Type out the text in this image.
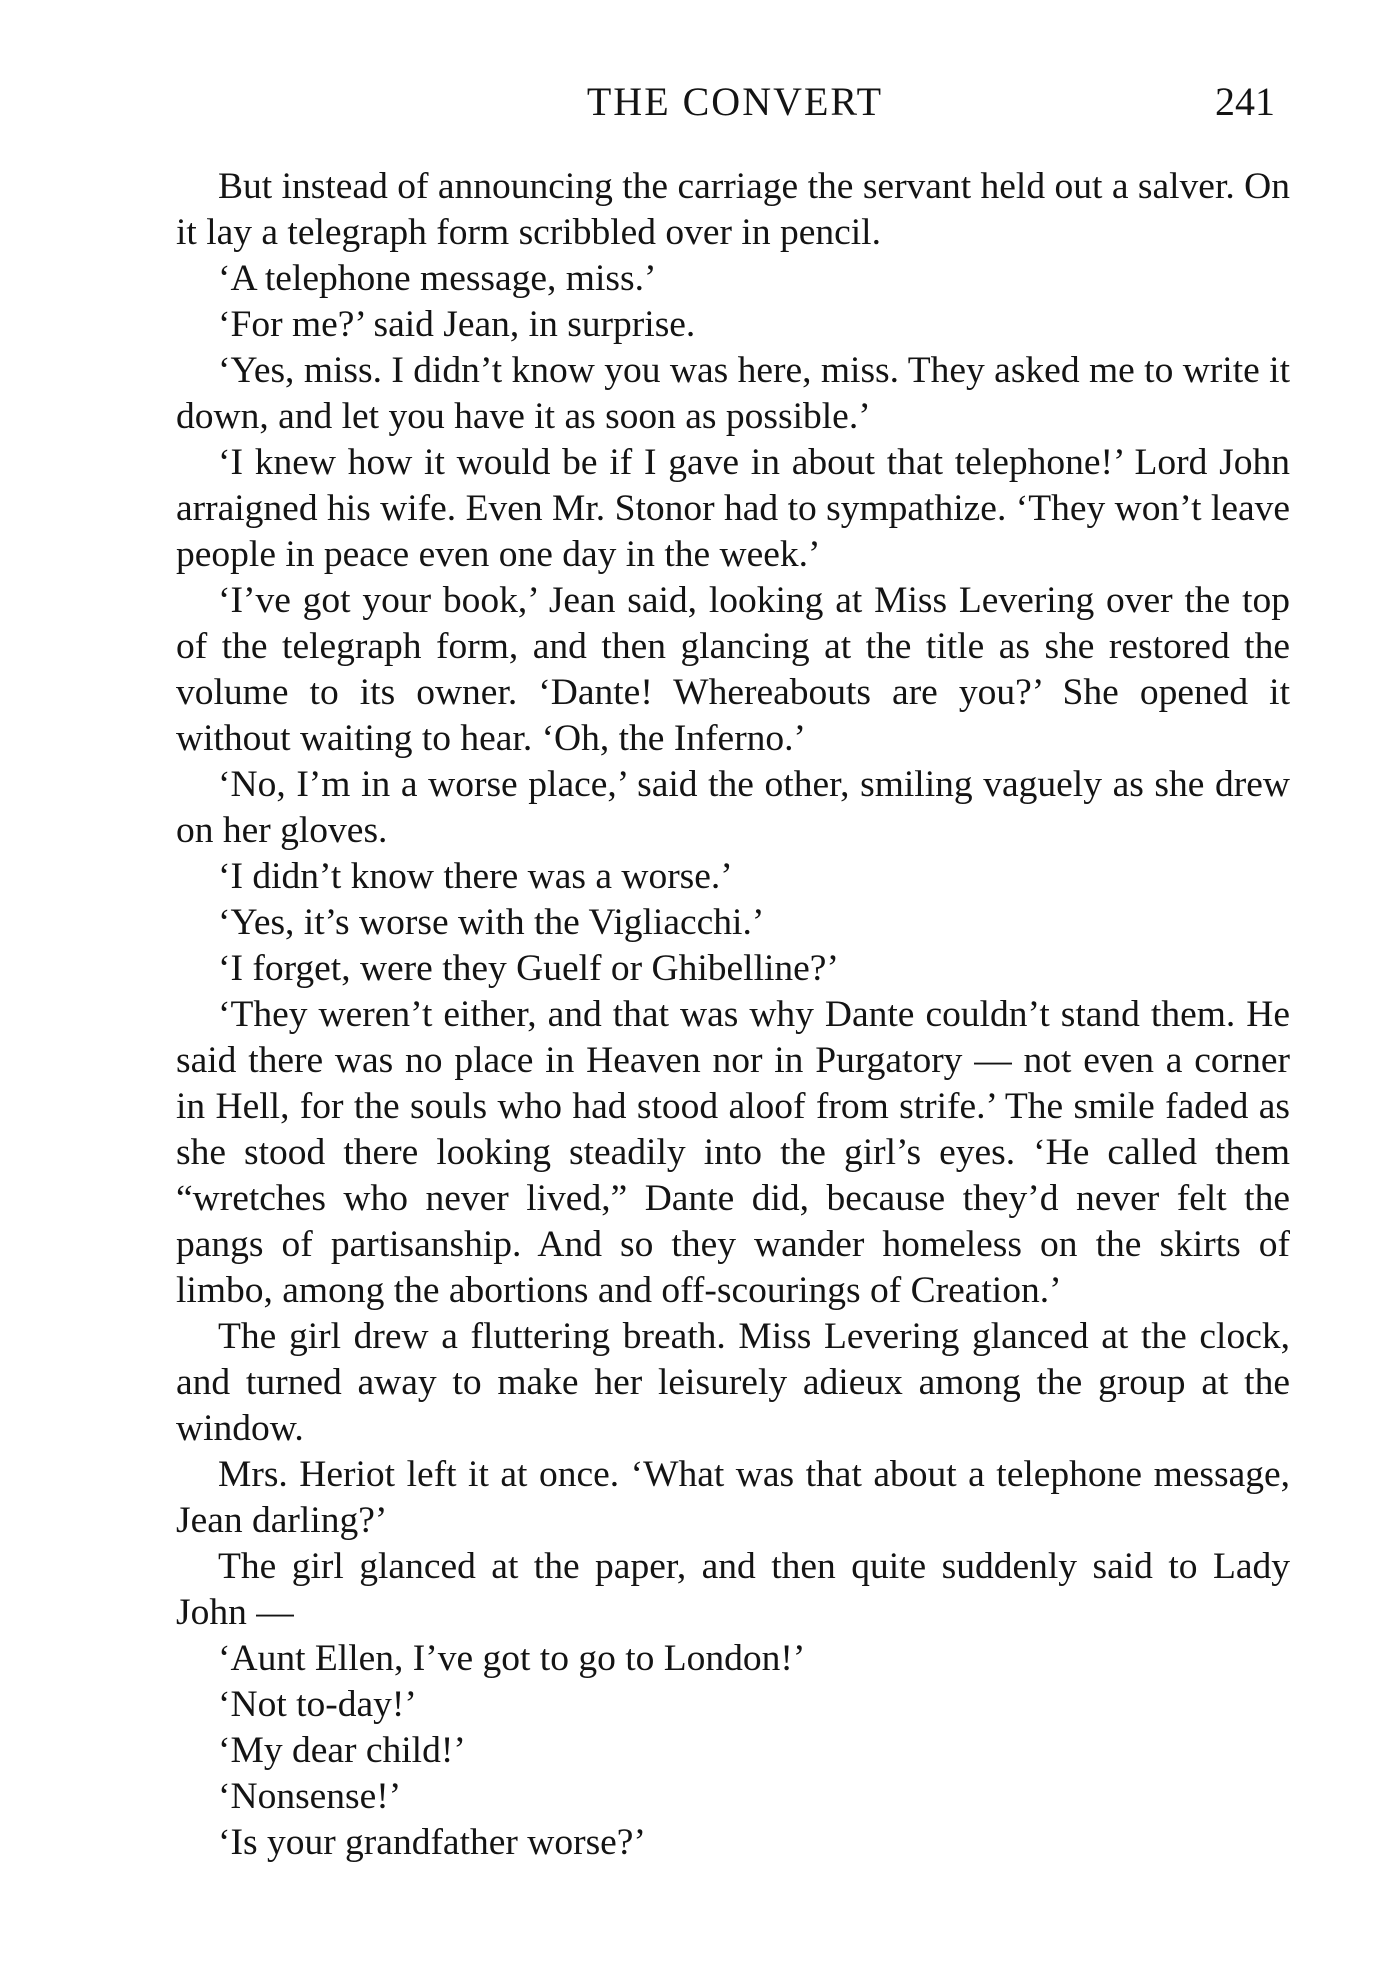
THE CONVERT	241

But instead of announcing the carriage the servant held out a salver. On it lay a telegraph form scribbled over in pencil.

‘A telephone message, miss.’

‘For me?’ said Jean, in surprise.

‘Yes, miss. I didn’t know you was here, miss. They asked me to write it down, and let you have it as soon as possible.’

‘I knew how it would be if I gave in about that telephone!’ Lord John arraigned his wife. Even Mr. Stonor had to sympathize. ‘They won’t leave people in peace even one day in the week.’

‘I’ve got your book,’ Jean said, looking at Miss Levering over the top of the telegraph form, and then glancing at the title as she restored the volume to its owner. ‘Dante! Whereabouts are you?’ She opened it without waiting to hear. ‘Oh, the Inferno.’

‘No, I’m in a worse place,’ said the other, smiling vaguely as she drew on her gloves.

‘I didn’t know there was a worse.’

‘Yes, it’s worse with the Vigliacchi.’

‘I forget, were they Guelf or Ghibelline?’

‘They weren’t either, and that was why Dante couldn’t stand them. He said there was no place in Heaven nor in Purgatory — not even a corner in Hell, for the souls who had stood aloof from strife.’ The smile faded as she stood there looking steadily into the girl’s eyes. ‘He called them “wretches who never lived,” Dante did, because they’d never felt the pangs of partisanship. And so they wander homeless on the skirts of limbo, among the abortions and off-scourings of Creation.’

The girl drew a fluttering breath. Miss Levering glanced at the clock, and turned away to make her leisurely adieux among the group at the window.

Mrs. Heriot left it at once. ‘What was that about a telephone message, Jean darling?’

The girl glanced at the paper, and then quite suddenly said to Lady John —

‘Aunt Ellen, I’ve got to go to London!’

‘Not to-day!’

‘My dear child!’

‘Nonsense!’

‘Is your grandfather worse?’
